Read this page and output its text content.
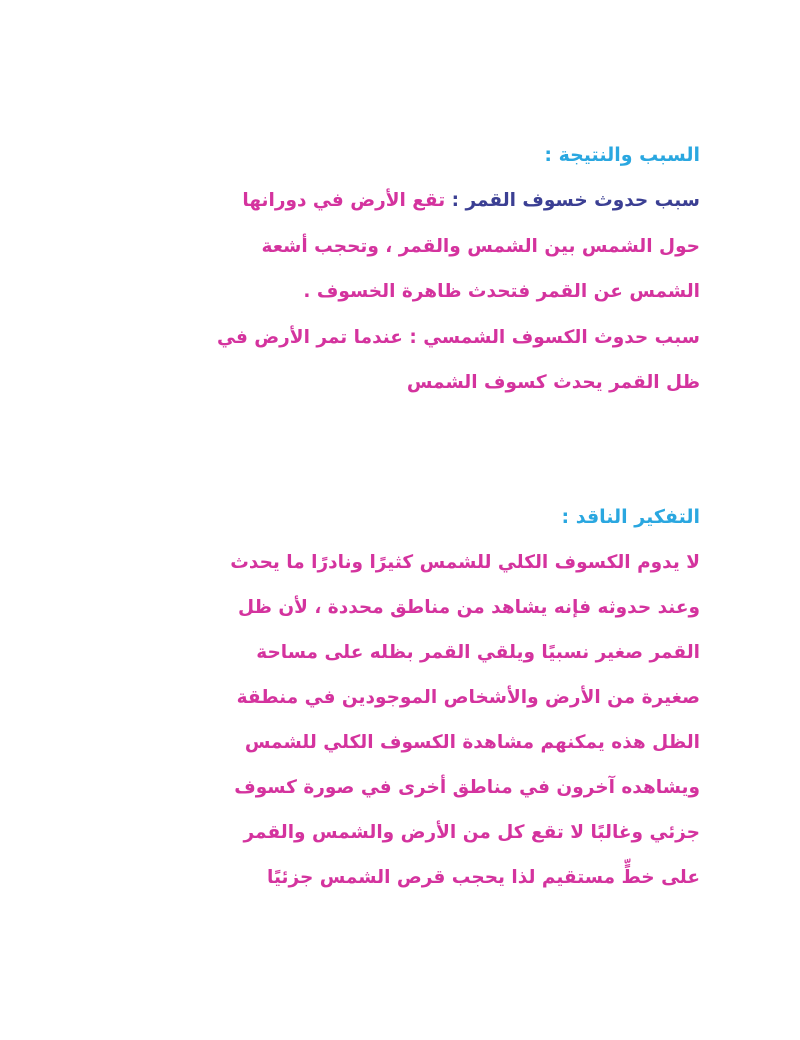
السبب والنتيجة :
سبب حدوث خسوف القمر : تقع الأرض في دورانها
حول الشمس بين الشمس والقمر ، وتحجب أشعة
الشمس عن القمر فتحدث ظاهرة الخسوف .
سبب حدوث الكسوف الشمسي : عندما تمر الأرض في
ظل القمر يحدث كسوف الشمس
التفكير الناقد :
لا يدوم الكسوف الكلي للشمس كثيرًا ونادرًا ما يحدث
وعند حدوثه فإنه يشاهد من مناطق محددة ، لأن ظل
القمر صغير نسبيًا ويلقي القمر بظله على مساحة
صغيرة من الأرض والأشخاص الموجودين في منطقة
الظل هذه يمكنهم مشاهدة الكسوف الكلي للشمس
ويشاهده آخرون في مناطق أخرى في صورة كسوف
جزئي وغالبًا لا تقع كل من الأرض والشمس والقمر
على خطٍّ مستقيم لذا يحجب قرص الشمس جزئيًا
